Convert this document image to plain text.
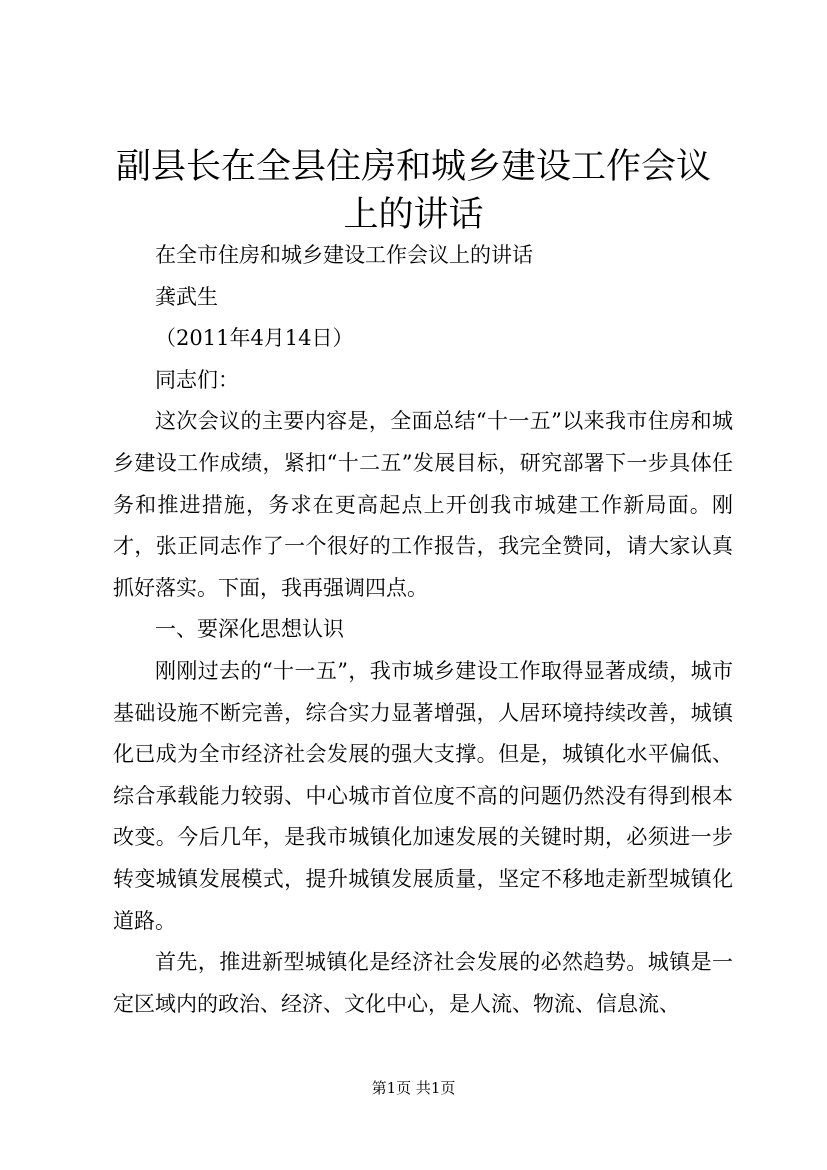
副县长在全县住房和城乡建设工作会议上的讲话

在全市住房和城乡建设工作会议上的讲话

龚武生

（2011年4月14日）

同志们：

这次会议的主要内容是，全面总结“十一五”以来我市住房和城乡建设工作成绩，紧扣“十二五”发展目标，研究部署下一步具体任务和推进措施，务求在更高起点上开创我市城建工作新局面。刚才，张正同志作了一个很好的工作报告，我完全赞同，请大家认真抓好落实。下面，我再强调四点。

一、要深化思想认识

刚刚过去的“十一五”，我市城乡建设工作取得显著成绩，城市基础设施不断完善，综合实力显著增强，人居环境持续改善，城镇化已成为全市经济社会发展的强大支撑。但是，城镇化水平偏低、综合承载能力较弱、中心城市首位度不高的问题仍然没有得到根本改变。今后几年，是我市城镇化加速发展的关键时期，必须进一步转变城镇发展模式，提升城镇发展质量，坚定不移地走新型城镇化道路。

首先，推进新型城镇化是经济社会发展的必然趋势。城镇是一定区域内的政治、经济、文化中心，是人流、物流、信息流、

第1页 共1页
